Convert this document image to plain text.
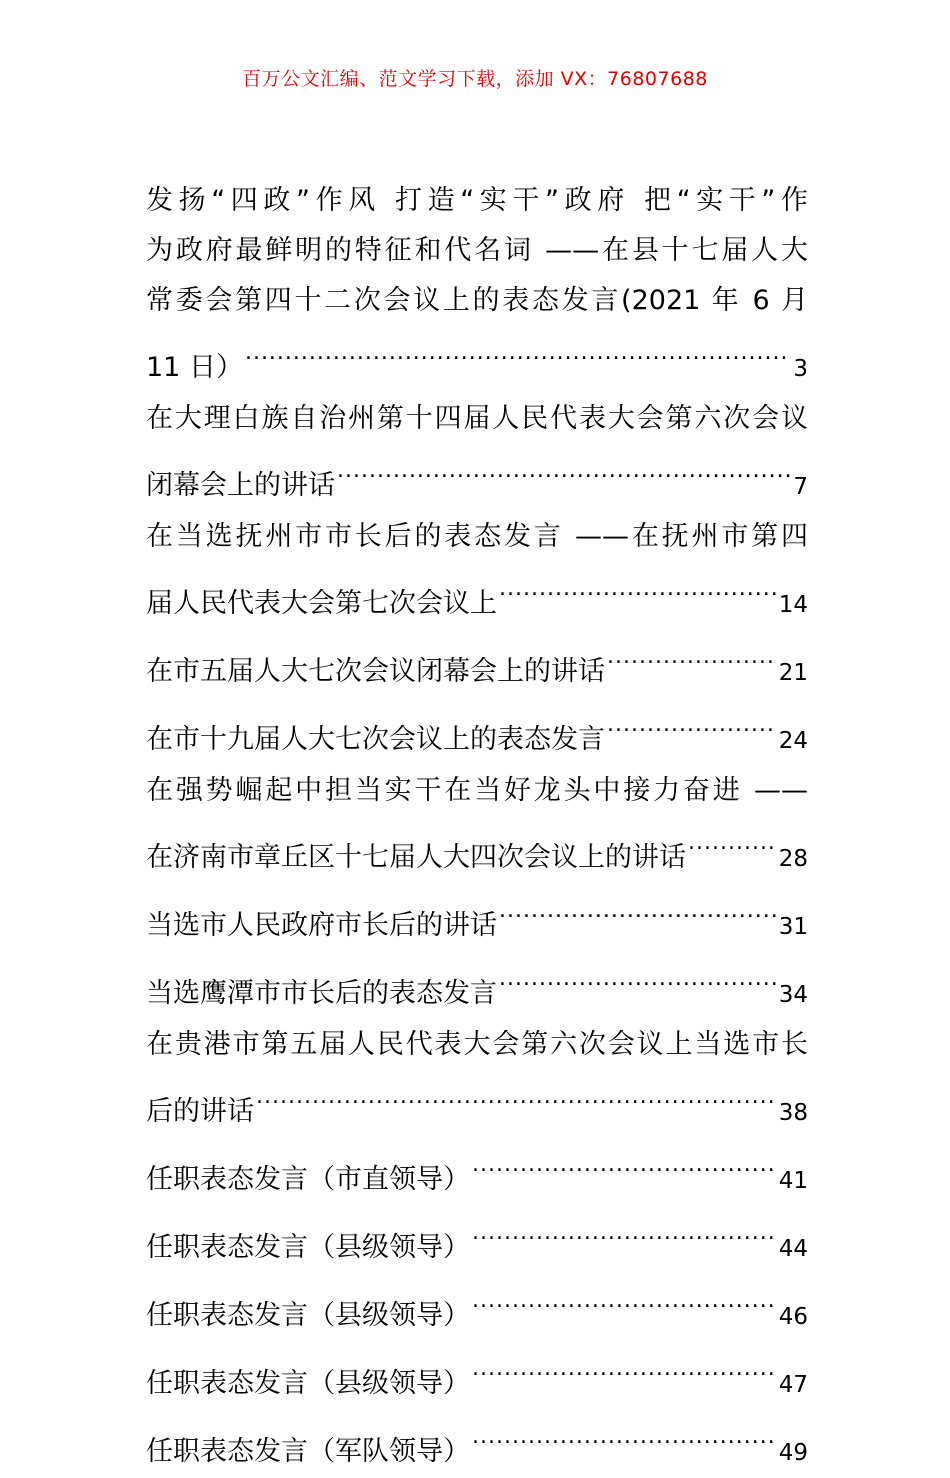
百万公文汇编、范文学习下载，添加 VX：76807688
发扬“四政”作风 打造“实干”政府 把“实干”作
为政府最鲜明的特征和代名词 ——在县十七届人大
常委会第四十二次会议上的表态发言(2021 年 6 月
11 日） .....	3
在大理白族自治州第十四届人民代表大会第六次会议
闭幕会上的讲话 .....	7
在当选抚州市市长后的表态发言 ——在抚州市第四
届人民代表大会第七次会议上 .....	14
在市五届人大七次会议闭幕会上的讲话 .....	21
在市十九届人大七次会议上的表态发言 .....	24
在强势崛起中担当实干在当好龙头中接力奋进 ——
在济南市章丘区十七届人大四次会议上的讲话 .....	28
当选市人民政府市长后的讲话 .....	31
当选鹰潭市市长后的表态发言 .....	34
在贵港市第五届人民代表大会第六次会议上当选市长
后的讲话 .....	38
任职表态发言（市直领导） .....	41
任职表态发言（县级领导） .....	44
任职表态发言（县级领导） .....	46
任职表态发言（县级领导） .....	47
任职表态发言（军队领导） .....	49
